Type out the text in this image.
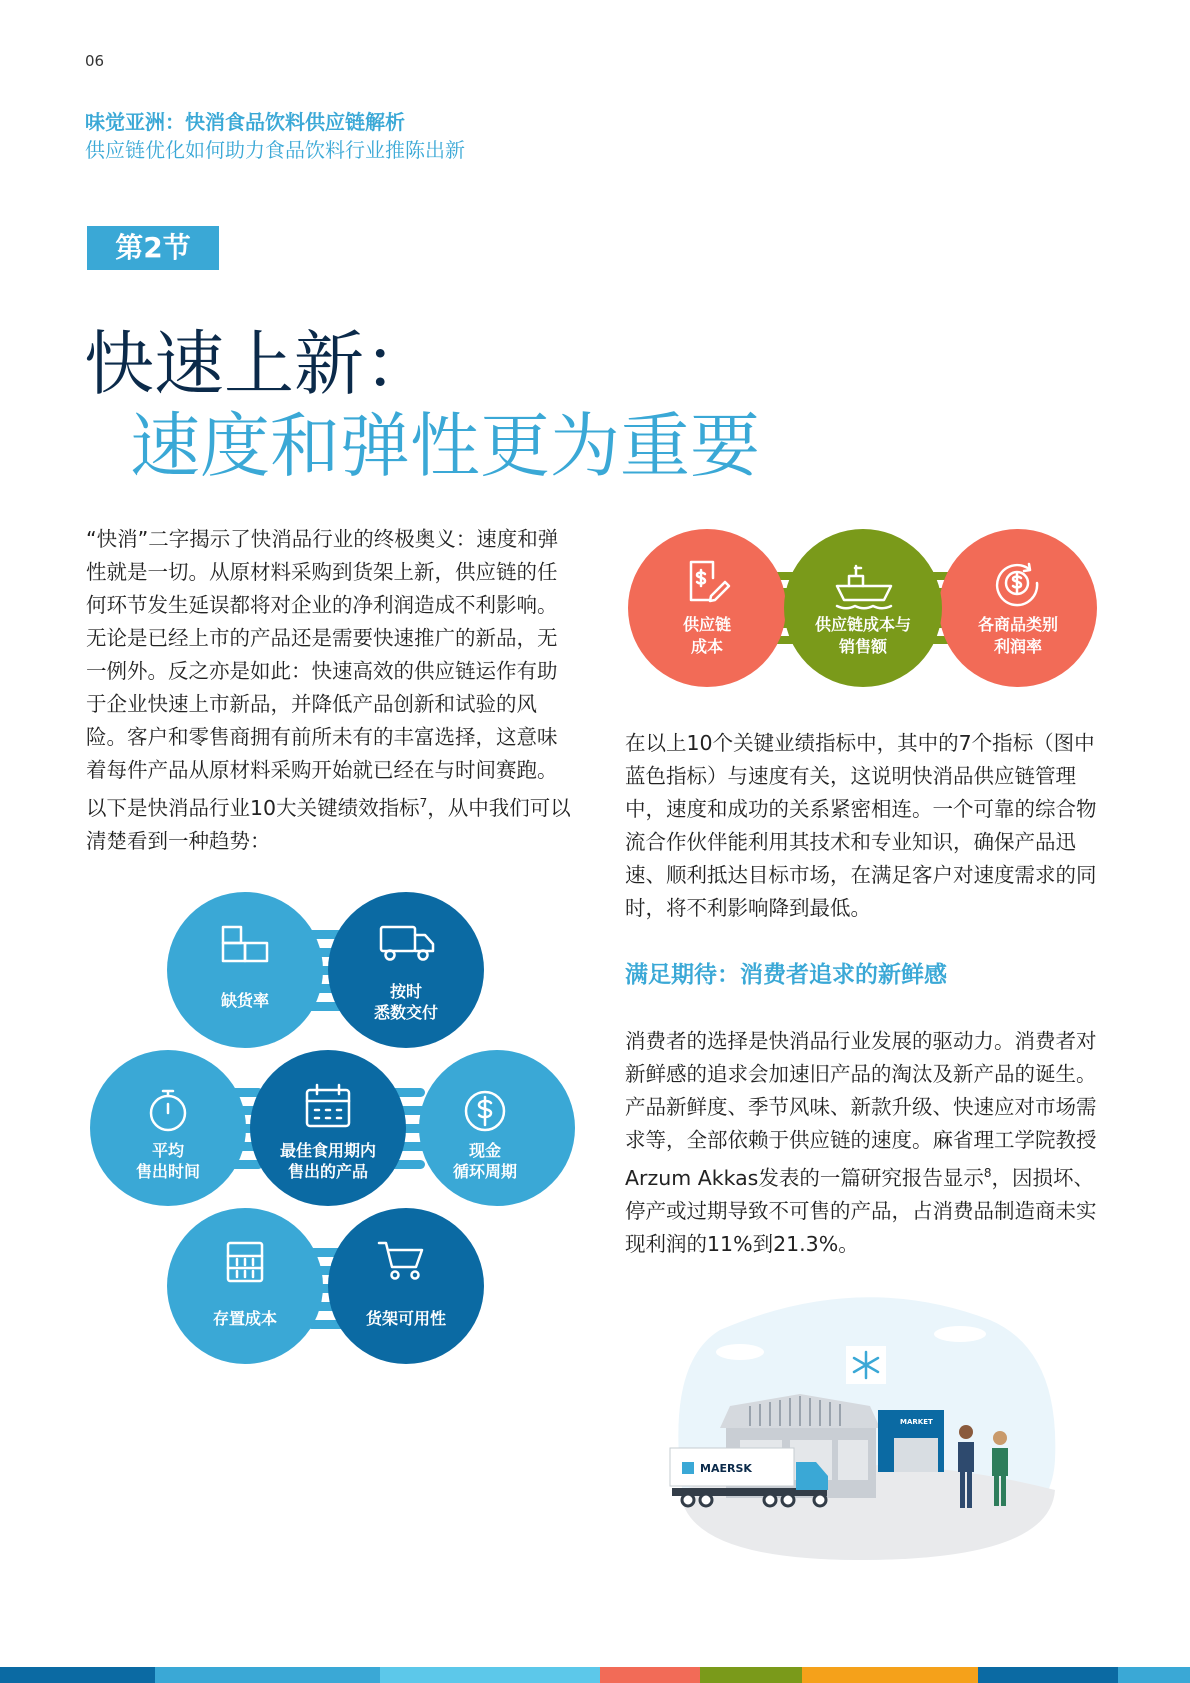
06
味觉亚洲：快消食品饮料供应链解析
供应链优化如何助力食品饮料行业推陈出新
第2节
快速上新：
速度和弹性更为重要
“快消”二字揭示了快消品行业的终极奥义：速度和弹性就是一切。从原材料采购到货架上新，供应链的任何环节发生延误都将对企业的净利润造成不利影响。无论是已经上市的产品还是需要快速推广的新品，无一例外。反之亦是如此：快速高效的供应链运作有助于企业快速上市新品，并降低产品创新和试验的风险。客户和零售商拥有前所未有的丰富选择，这意味着每件产品从原材料采购开始就已经在与时间赛跑。以下是快消品行业10大关键绩效指标$^7$，从中我们可以清楚看到一种趋势：
缺货率	按时
悉数交付
平均
售出时间
最佳食用期内
售出的产品
现金
循环周期
存置成本	货架可用性
供应链
成本
供应链成本与
销售额
各商品类别
利润率
在以上10个关键业绩指标中，其中的7个指标（图中蓝色指标）与速度有关，这说明快消品供应链管理中，速度和成功的关系紧密相连。一个可靠的综合物流合作伙伴能利用其技术和专业知识，确保产品迅速、顺利抵达目标市场，在满足客户对速度需求的同时，将不利影响降到最低。
满足期待：消费者追求的新鲜感
消费者的选择是快消品行业发展的驱动力。消费者对新鲜感的追求会加速旧产品的淘汰及新产品的诞生。产品新鲜度、季节风味、新款升级、快速应对市场需求等，全部依赖于供应链的速度。麻省理工学院教授Arzum Akkas发表的一篇研究报告显示$^8$，因损坏、停产或过期导致不可售的产品，占消费品制造商未实现利润的11%到21.3%。
MARKET
MAERSK
